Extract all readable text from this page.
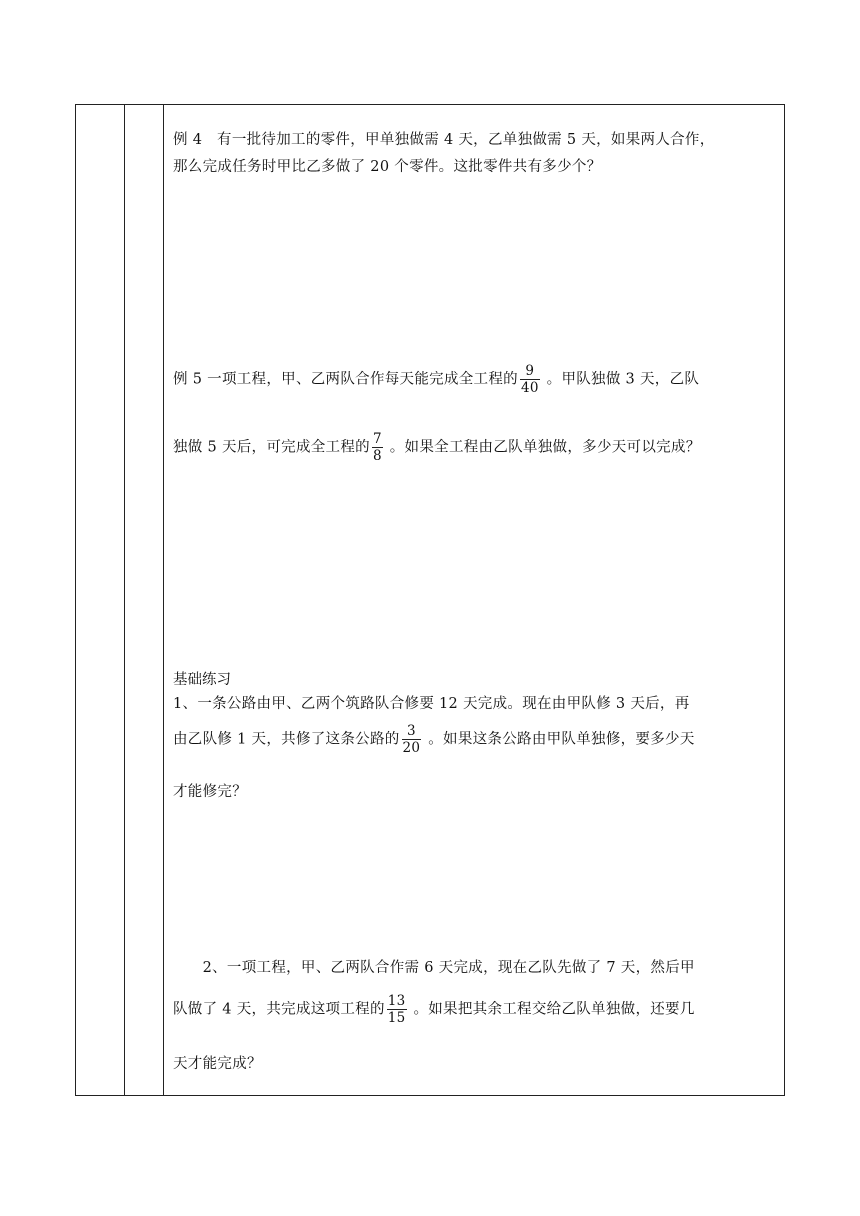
例 4　有一批待加工的零件，甲单独做需 4 天，乙单独做需 5 天，如果两人合作，
那么完成任务时甲比乙多做了 20 个零件。这批零件共有多少个？
例 5 一项工程，甲、乙两队合作每天能完成全工程的 $\frac{9}{40}$ 。甲队独做 3 天，乙队
独做 5 天后，可完成全工程的 $\frac{7}{8}$ 。如果全工程由乙队单独做，多少天可以完成？
基础练习
1、一条公路由甲、乙两个筑路队合修要 12 天完成。现在由甲队修 3 天后，再
由乙队修 1 天，共修了这条公路的 $\frac{3}{20}$ 。如果这条公路由甲队单独修，要多少天
才能修完？
　　2、一项工程，甲、乙两队合作需 6 天完成，现在乙队先做了 7 天，然后甲
队做了 4 天，共完成这项工程的 $\frac{13}{15}$ 。如果把其余工程交给乙队单独做，还要几
天才能完成？
